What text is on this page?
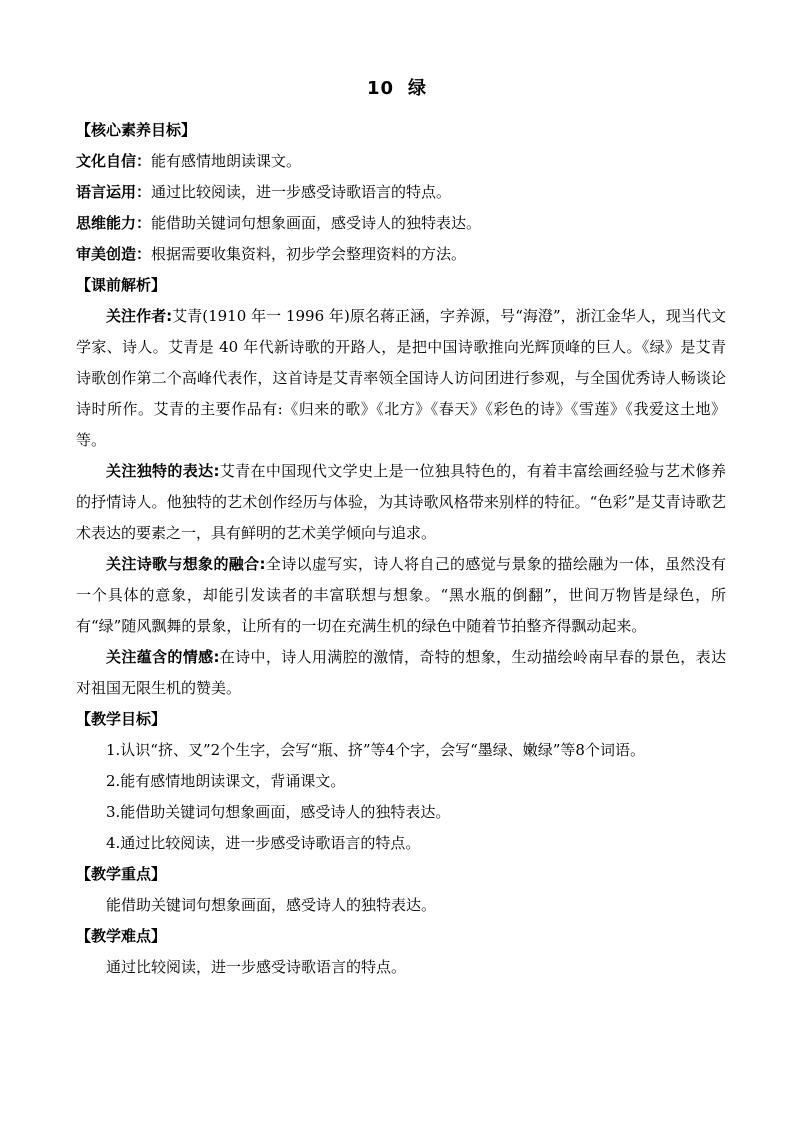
10 绿
【核心素养目标】
文化自信：能有感情地朗读课文。
语言运用：通过比较阅读，进一步感受诗歌语言的特点。
思维能力：能借助关键词句想象画面，感受诗人的独特表达。
审美创造：根据需要收集资料，初步学会整理资料的方法。
【课前解析】

关注作者:艾青(1910 年一 1996 年)原名蒋正涵，字养源，号“海澄”，浙江金华人，现当代文学家、诗人。艾青是 40 年代新诗歌的开路人，是把中国诗歌推向光辉顶峰的巨人。《绿》是艾青诗歌创作第二个高峰代表作，这首诗是艾青率领全国诗人访问团进行参观，与全国优秀诗人畅谈论诗时所作。艾青的主要作品有:《归来的歌》《北方》《春天》《彩色的诗》《雪莲》《我爱这土地》等。

关注独特的表达:艾青在中国现代文学史上是一位独具特色的，有着丰富绘画经验与艺术修养的抒情诗人。他独特的艺术创作经历与体验，为其诗歌风格带来别样的特征。“色彩”是艾青诗歌艺术表达的要素之一，具有鲜明的艺术美学倾向与追求。

关注诗歌与想象的融合:全诗以虚写实，诗人将自己的感觉与景象的描绘融为一体，虽然没有一个具体的意象，却能引发读者的丰富联想与想象。“黑水瓶的倒翻”，世间万物皆是绿色，所有“绿”随风飘舞的景象，让所有的一切在充满生机的绿色中随着节拍整齐得飘动起来。

关注蕴含的情感:在诗中，诗人用满腔的激情，奇特的想象，生动描绘岭南早春的景色，表达对祖国无限生机的赞美。

【教学目标】

1.认识“挤、叉”2个生字，会写“瓶、挤”等4个字，会写“墨绿、嫩绿”等8个词语。

2.能有感情地朗读课文，背诵课文。

3.能借助关键词句想象画面，感受诗人的独特表达。

4.通过比较阅读，进一步感受诗歌语言的特点。

【教学重点】

能借助关键词句想象画面，感受诗人的独特表达。

【教学难点】

通过比较阅读，进一步感受诗歌语言的特点。
